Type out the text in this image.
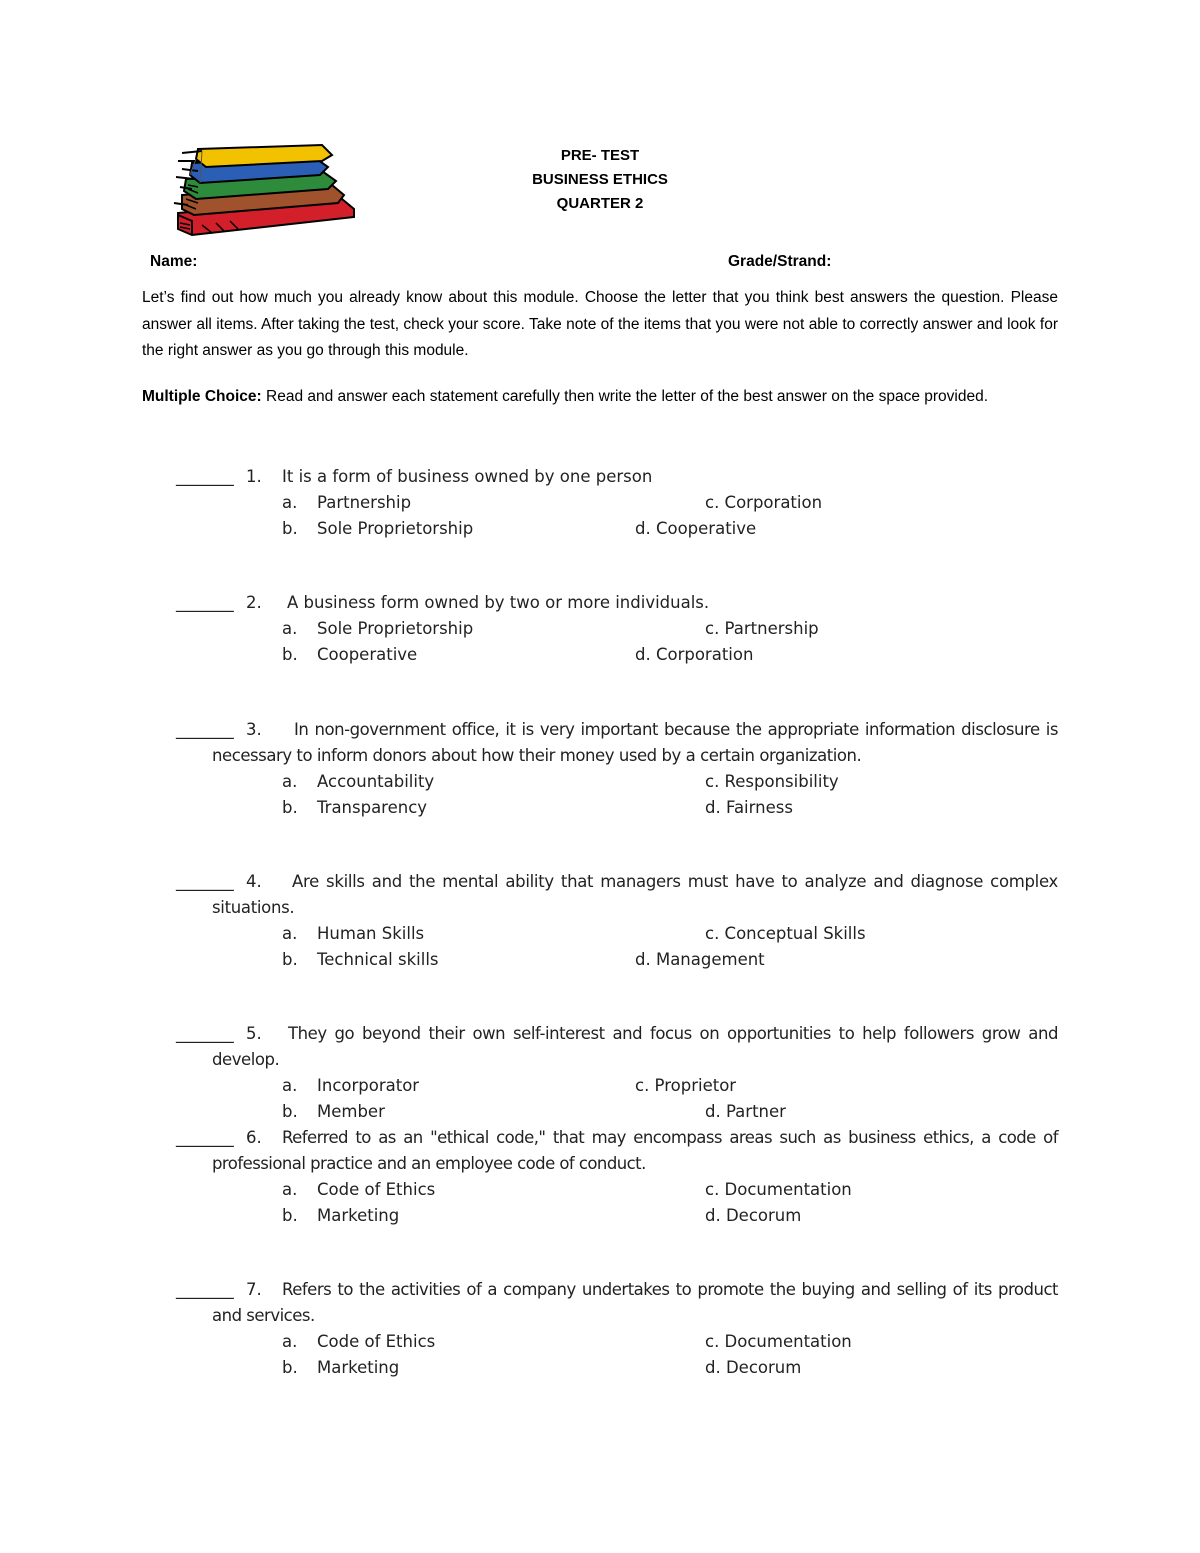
PRE- TEST
BUSINESS ETHICS
QUARTER 2
Name:	Grade/Strand:
Let’s find out how much you already know about this module. Choose the letter that you think best answers the question. Please answer all items. After taking the test, check your score. Take note of the items that you were not able to correctly answer and look for the right answer as you go through this module.
Multiple Choice: Read and answer each statement carefully then write the letter of the best answer on the space provided.
_______ 1. It is a form of business owned by one person
a. Partnership	c. Corporation
b. Sole Proprietorship	d. Cooperative
_______ 2. A business form owned by two or more individuals.
a. Sole Proprietorship	c. Partnership
b. Cooperative	d. Corporation
_______ 3.	In non-government office, it is very important because the appropriate information disclosure is necessary to inform donors about how their money used by a certain organization.
a. Accountability	c. Responsibility
b. Transparency	d. Fairness
_______ 4.	Are skills and the mental ability that managers must have to analyze and diagnose complex situations.
a. Human Skills	c. Conceptual Skills
b. Technical skills	d. Management
_______ 5.	They go beyond their own self-interest and focus on opportunities to help followers grow and develop.
a. Incorporator	c. Proprietor
b. Member	d. Partner
_______ 6.	Referred to as an "ethical code," that may encompass areas such as business ethics, a code of professional practice and an employee code of conduct.
a. Code of Ethics	c. Documentation
b. Marketing	d. Decorum
_______ 7.	Refers to the activities of a company undertakes to promote the buying and selling of its product and services.
a. Code of Ethics	c. Documentation
b. Marketing	d. Decorum
